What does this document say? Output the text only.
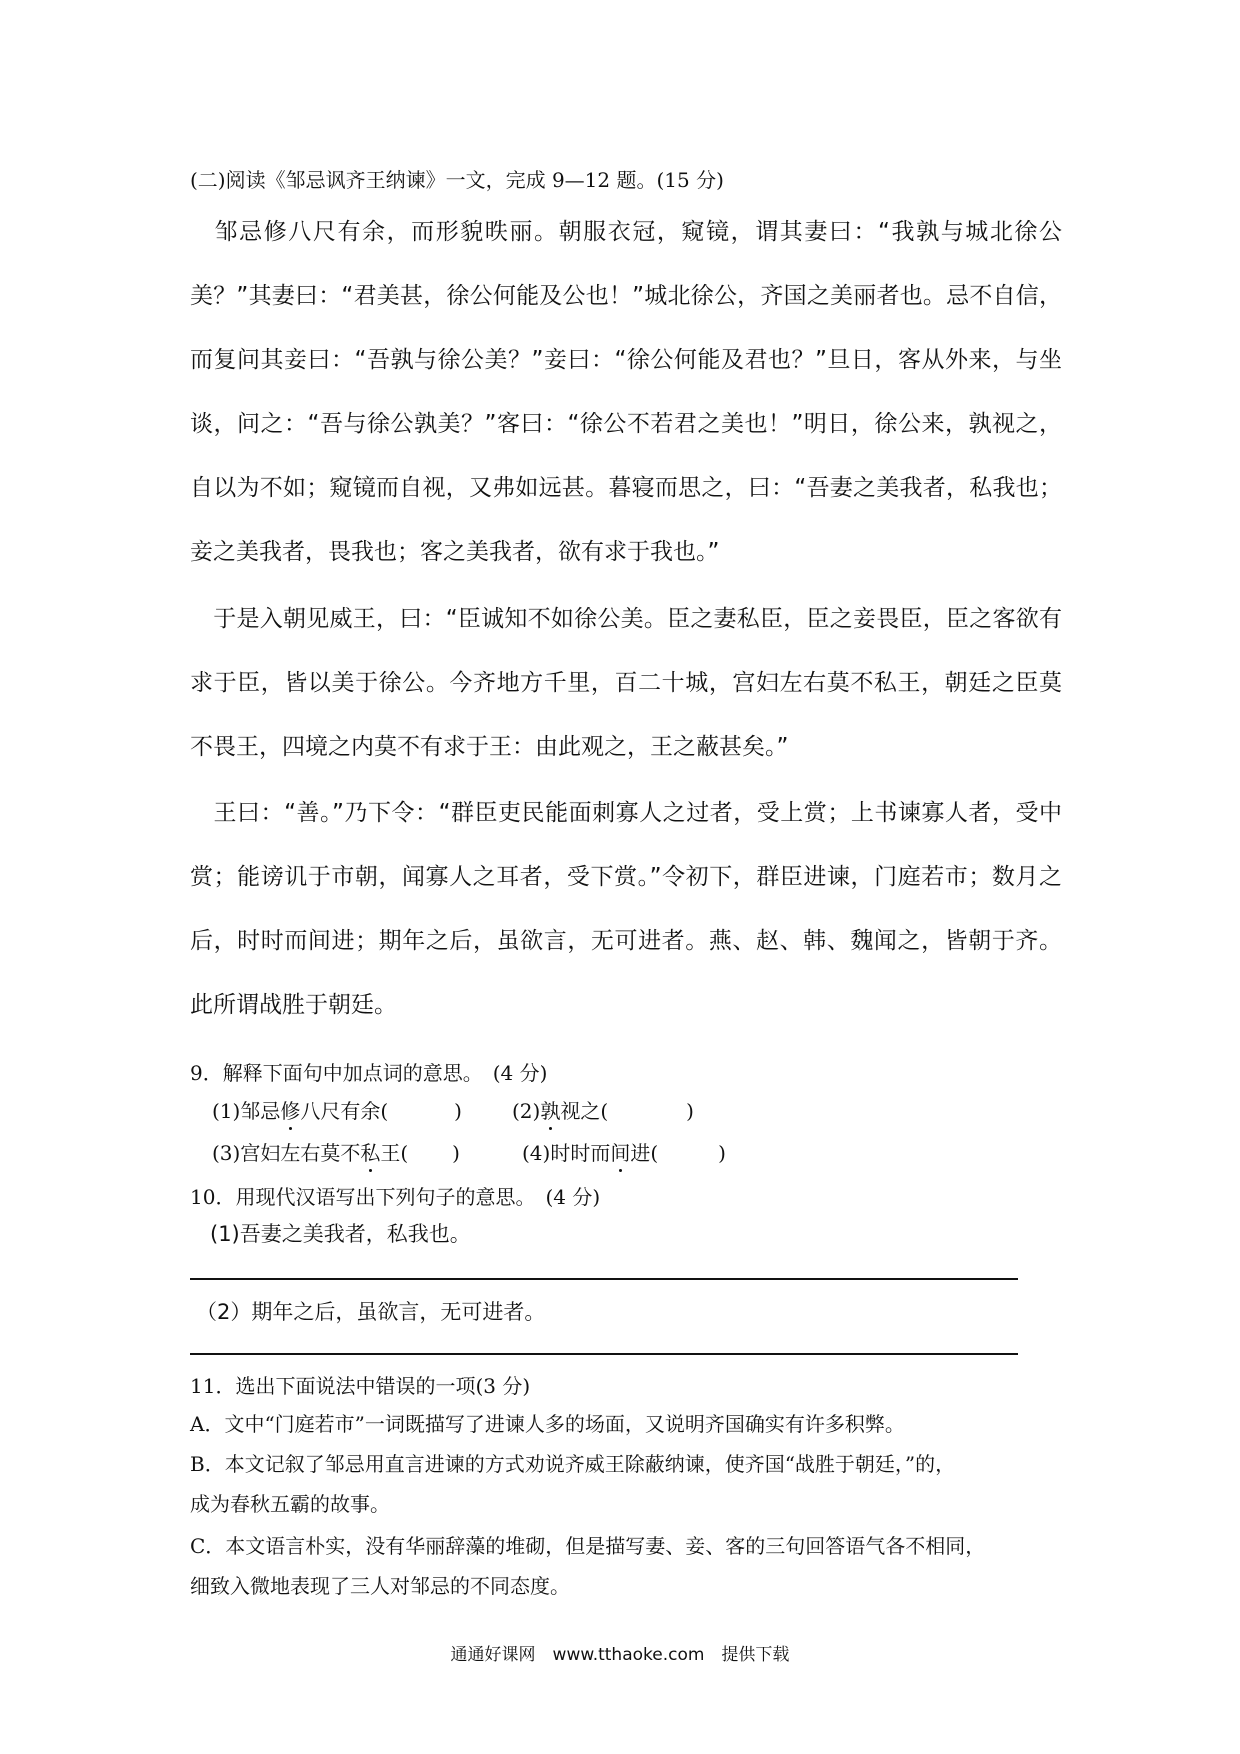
(二)阅读《邹忌讽齐王纳谏》一文，完成 9—12 题。(15 分)
邹忌修八尺有余，而形貌昳丽。朝服衣冠，窥镜，谓其妻曰：“我孰与城北徐公美？”其妻曰：“君美甚，徐公何能及公也！”城北徐公，齐国之美丽者也。忌不自信，而复问其妾曰：“吾孰与徐公美？”妾曰：“徐公何能及君也？”旦日，客从外来，与坐谈，问之：“吾与徐公孰美？”客曰：“徐公不若君之美也！”明日，徐公来，孰视之，自以为不如；窥镜而自视，又弗如远甚。暮寝而思之，曰：“吾妻之美我者，私我也；妾之美我者，畏我也；客之美我者，欲有求于我也。”
于是入朝见威王，曰：“臣诚知不如徐公美。臣之妻私臣，臣之妾畏臣，臣之客欲有求于臣，皆以美于徐公。今齐地方千里，百二十城，宫妇左右莫不私王，朝廷之臣莫不畏王，四境之内莫不有求于王：由此观之，王之蔽甚矣。”
王曰：“善。”乃下令：“群臣吏民能面刺寡人之过者，受上赏；上书谏寡人者，受中赏；能谤讥于市朝，闻寡人之耳者，受下赏。”令初下，群臣进谏，门庭若市；数月之后，时时而间进；期年之后，虽欲言，无可进者。燕、赵、韩、魏闻之，皆朝于齐。此所谓战胜于朝廷。
9．解释下面句中加点词的意思。　(4 分)
(1)邹忌修八尺有余(	)	(2)孰视之(	)
(3)宫妇左右莫不私王( )	(4)时时而间进(	)
10．用现代汉语写出下列句子的意思。　(4 分)
(1)吾妻之美我者，私我也。
（2）期年之后，虽欲言，无可进者。
11．选出下面说法中错误的一项(3 分)
A．文中“门庭若市”一词既描写了进谏人多的场面，又说明齐国确实有许多积弊。
B．本文记叙了邹忌用直言进谏的方式劝说齐威王除蔽纳谏，使齐国“战胜于朝廷，”的，
成为春秋五霸的故事。
C．本文语言朴实，没有华丽辞藻的堆砌，但是描写妻、妾、客的三句回答语气各不相同，
细致入微地表现了三人对邹忌的不同态度。
通通好课网　www.tthaoke.com　提供下载
